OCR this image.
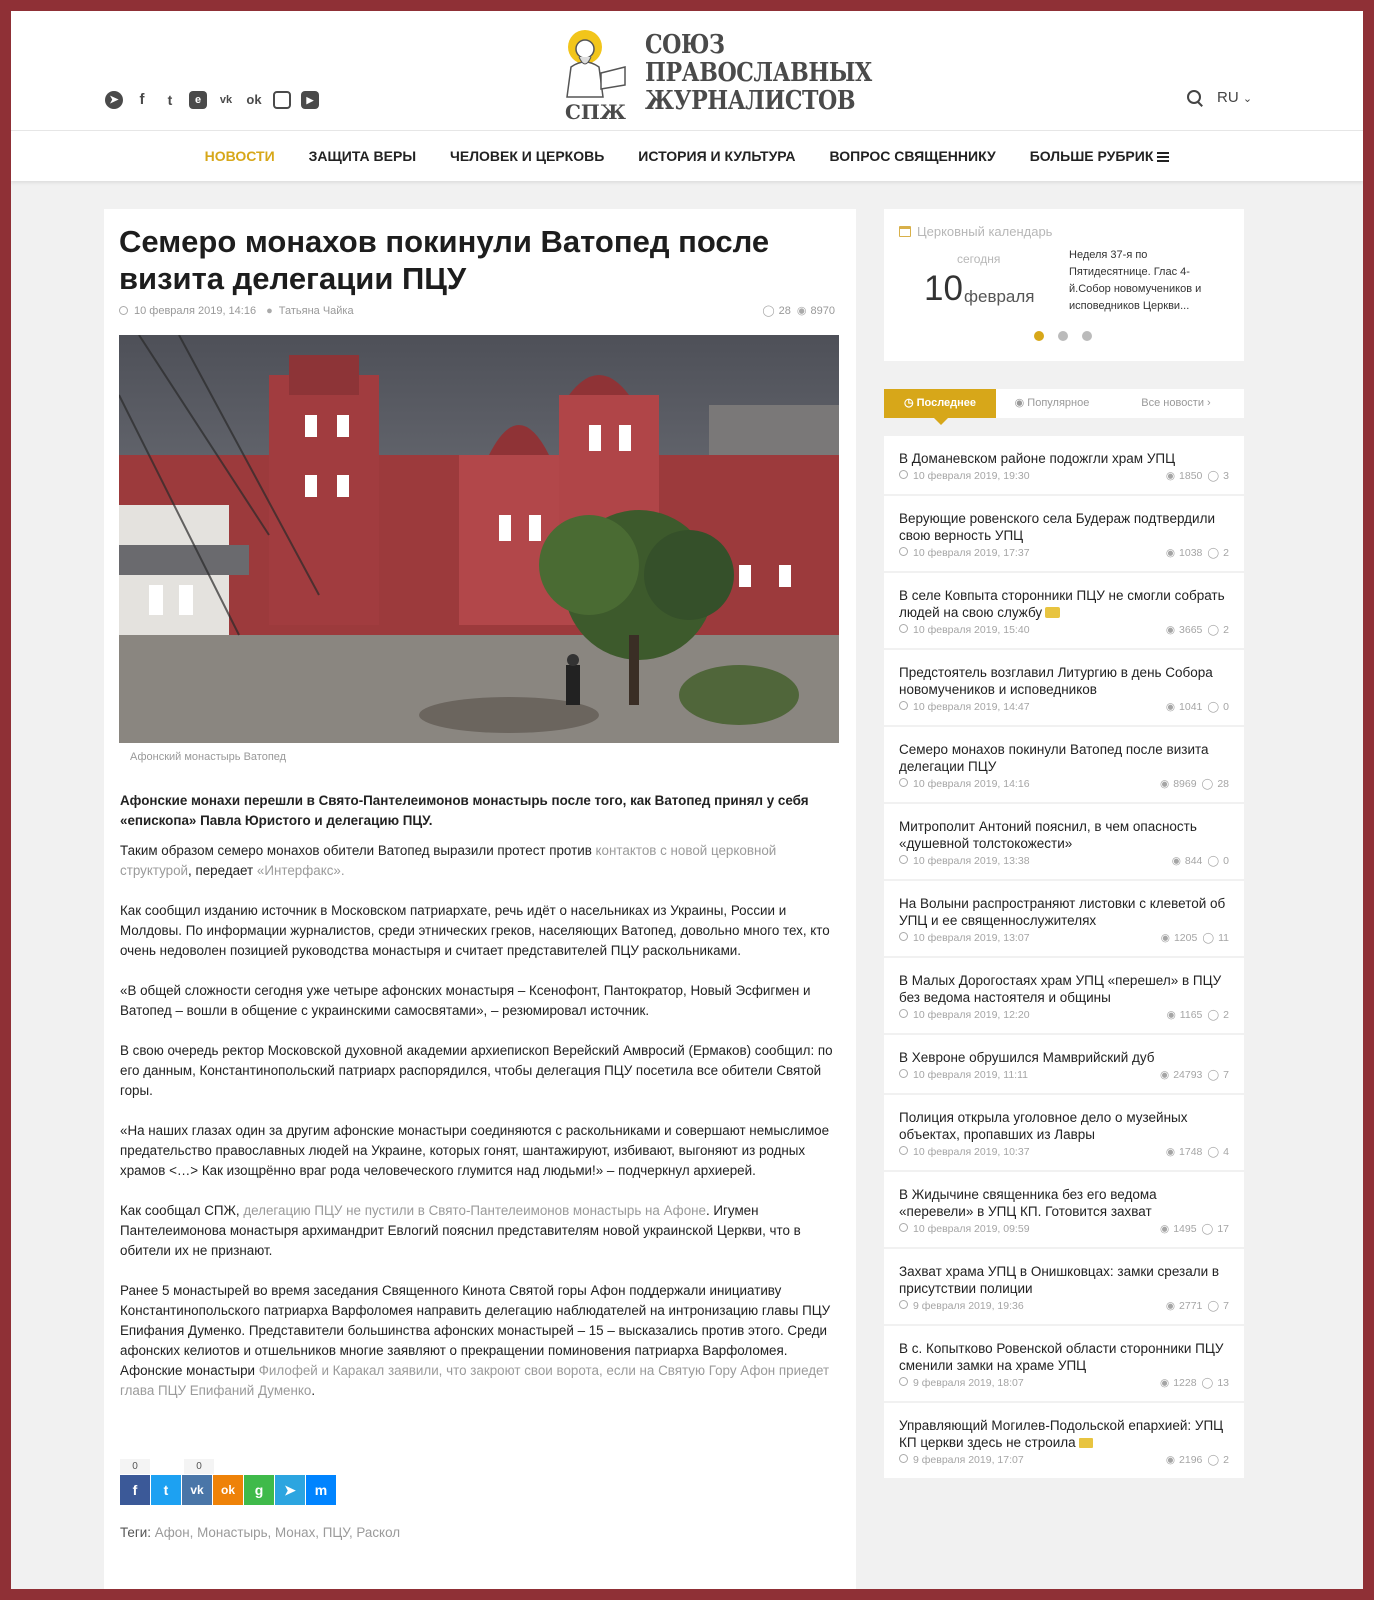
➤	f	t	e	vk ok	▶	СПЖ
СОЮЗ
ПРАВОСЛАВНЫХ
ЖУРНАЛИСТОВ	RU ⌄
НОВОСТИ ЗАЩИТА ВЕРЫ ЧЕЛОВЕК И ЦЕРКОВЬ ИСТОРИЯ И КУЛЬТУРА ВОПРОС СВЯЩЕННИКУ БОЛЬШЕ РУБРИК
Семеро монахов покинули Ватопед после визита делегации ПЦУ
10 февраля 2019, 14:16 ● Татьяна Чайка	◯ 28 ◉ 8970
Афонский монастырь Ватопед

Афонские монахи перешли в Свято-Пантелеимонов монастырь после того, как Ватопед принял у себя «епископа» Павла Юристого и делегацию ПЦУ.

Таким образом семеро монахов обители Ватопед выразили протест против контактов с новой церковной структурой, передает «Интерфакс».

Как сообщил изданию источник в Московском патриархате, речь идёт о насельниках из Украины, России и Молдовы. По информации журналистов, среди этнических греков, населяющих Ватопед, довольно много тех, кто очень недоволен позицией руководства монастыря и считает представителей ПЦУ раскольниками.

«В общей сложности сегодня уже четыре афонских монастыря – Ксенофонт, Пантократор, Новый Эсфигмен и Ватопед – вошли в общение с украинскими самосвятами», – резюмировал источник.

В свою очередь ректор Московской духовной академии архиепископ Верейский Амвросий (Ермаков) сообщил: по его данным, Константинопольский патриарх распорядился, чтобы делегация ПЦУ посетила все обители Святой горы.

«На наших глазах один за другим афонские монастыри соединяются с раскольниками и совершают немыслимое предательство православных людей на Украине, которых гонят, шантажируют, избивают, выгоняют из родных храмов <…> Как изощрённо враг рода человеческого глумится над людьми!» – подчеркнул архиерей.

Как сообщал СПЖ, делегацию ПЦУ не пустили в Свято-Пантелеимонов монастырь на Афоне. Игумен Пантелеимонова монастыря архимандрит Евлогий пояснил представителям новой украинской Церкви, что в обители их не признают.

Ранее 5 монастырей во время заседания Священного Кинота Святой горы Афон поддержали инициативу Константинопольского патриарха Варфоломея направить делегацию наблюдателей на интронизацию главы ПЦУ Епифания Думенко. Представители большинства афонских монастырей – 15 – высказались против этого. Среди афонских келиотов и отшельников многие заявляют о прекращении поминовения патриарха Варфоломея. Афонские монастыри Филофей и Каракал заявили, что закроют свои ворота, если на Святую Гору Афон приедет глава ПЦУ Епифаний Думенко.

0	0
f	t	vk	ok	g	➤	m
Теги: Афон, Монастырь, Монах, ПЦУ, Раскол
Церковный календарь
сегодня
10 февраля
Неделя 37-я по Пятидесятнице. Глас 4-й.Собор новомучеников и исповедников Церкви...
◷ Последнее	◉ Популярное	Все новости ›
В Доманевском районе подожгли храм УПЦ
10 февраля 2019, 19:30	◉ 1850 ◯ 3
Верующие ровенского села Будераж подтвердили свою верность УПЦ
10 февраля 2019, 17:37	◉ 1038 ◯ 2
В селе Ковпыта сторонники ПЦУ не смогли собрать людей на свою службу
10 февраля 2019, 15:40	◉ 3665 ◯ 2
Предстоятель возглавил Литургию в день Собора новомучеников и исповедников
10 февраля 2019, 14:47	◉ 1041 ◯ 0
Семеро монахов покинули Ватопед после визита делегации ПЦУ
10 февраля 2019, 14:16	◉ 8969 ◯ 28
Митрополит Антоний пояснил, в чем опасность «душевной толстокожести»
10 февраля 2019, 13:38	◉ 844 ◯ 0
На Волыни распространяют листовки с клеветой об УПЦ и ее священнослужителях
10 февраля 2019, 13:07	◉ 1205 ◯ 11
В Малых Дорогостаях храм УПЦ «перешел» в ПЦУ без ведома настоятеля и общины
10 февраля 2019, 12:20	◉ 1165 ◯ 2
В Хевроне обрушился Мамврийский дуб
10 февраля 2019, 11:11	◉ 24793 ◯ 7
Полиция открыла уголовное дело о музейных объектах, пропавших из Лавры
10 февраля 2019, 10:37	◉ 1748 ◯ 4
В Жидычине священника без его ведома «перевели» в УПЦ КП. Готовится захват
10 февраля 2019, 09:59	◉ 1495 ◯ 17
Захват храма УПЦ в Онишковцах: замки срезали в присутствии полиции
9 февраля 2019, 19:36	◉ 2771 ◯ 7
В с. Копытково Ровенской области сторонники ПЦУ сменили замки на храме УПЦ
9 февраля 2019, 18:07	◉ 1228 ◯ 13
Управляющий Могилев-Подольской епархией: УПЦ КП церкви здесь не строила
9 февраля 2019, 17:07	◉ 2196 ◯ 2
